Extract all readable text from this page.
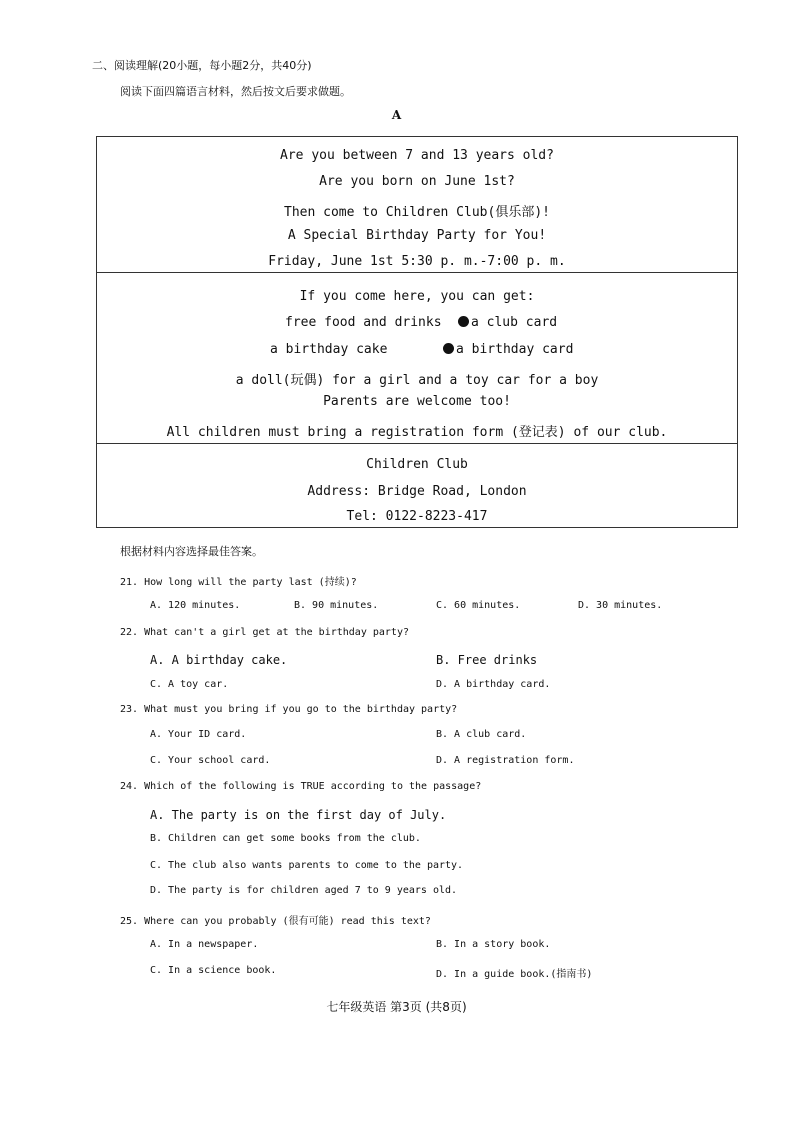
二、阅读理解(20小题，每小题2分，共40分)
阅读下面四篇语言材料，然后按文后要求做题。
A
Are you between 7 and 13 years old?
Are you born on June 1st?
Then come to Children Club(俱乐部)!
A Special Birthday Party for You!
Friday, June 1st 5:30 p. m.-7:00 p. m.
If you come here, you can get:
free food and drinks	a club card
a birthday cake	a birthday card
a doll(玩偶) for a girl and a toy car for a boy
Parents are welcome too!
All children must bring a registration form (登记表) of our club.
Children Club
Address: Bridge Road, London
Tel: 0122-8223-417
根据材料内容选择最佳答案。
21. How long will the party last (持续)?
A. 120 minutes.	B. 90 minutes.	C. 60 minutes.	D. 30 minutes.
22. What can't a girl get at the birthday party?
A. A birthday cake.	B. Free drinks
C. A toy car.	D. A birthday card.
23. What must you bring if you go to the birthday party?
A. Your ID card.	B. A club card.
C. Your school card.	D. A registration form.
24. Which of the following is TRUE according to the passage?
A. The party is on the first day of July.
B. Children can get some books from the club.
C. The club also wants parents to come to the party.
D. The party is for children aged 7 to 9 years old.
25. Where can you probably (很有可能) read this text?
A. In a newspaper.	B. In a story book.
C. In a science book.	D. In a guide book.(指南书)
七年级英语 第3页 (共8页)
